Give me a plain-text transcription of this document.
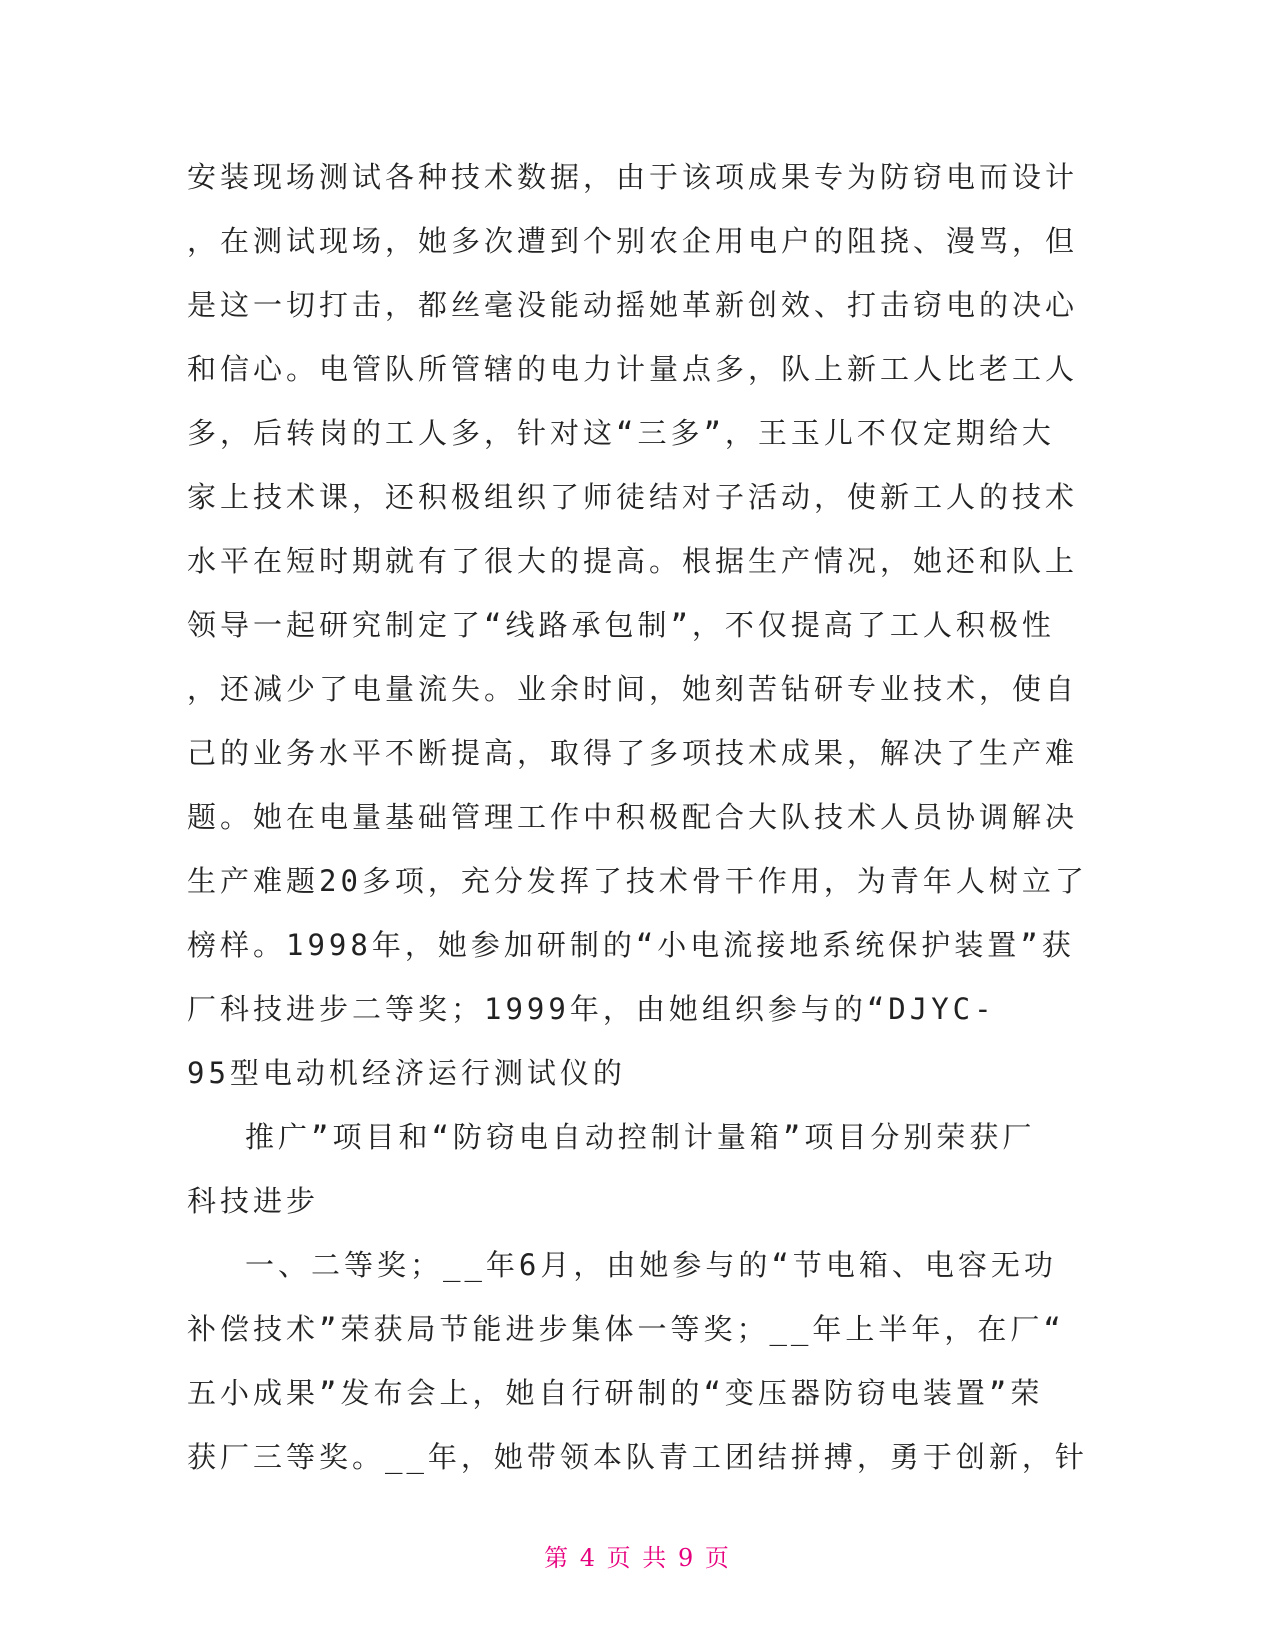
安装现场测试各种技术数据，由于该项成果专为防窃电而设计
，在测试现场，她多次遭到个别农企用电户的阻挠、漫骂，但
是这一切打击，都丝毫没能动摇她革新创效、打击窃电的决心
和信心。电管队所管辖的电力计量点多，队上新工人比老工人
多，后转岗的工人多，针对这“三多”，王玉儿不仅定期给大
家上技术课，还积极组织了师徒结对子活动，使新工人的技术
水平在短时期就有了很大的提高。根据生产情况，她还和队上
领导一起研究制定了“线路承包制”，不仅提高了工人积极性
，还减少了电量流失。业余时间，她刻苦钻研专业技术，使自
己的业务水平不断提高，取得了多项技术成果，解决了生产难
题。她在电量基础管理工作中积极配合大队技术人员协调解决
生产难题20多项，充分发挥了技术骨干作用，为青年人树立了
榜样。1998年，她参加研制的“小电流接地系统保护装置”获
厂科技进步二等奖；1999年，由她组织参与的“DJYC-
95型电动机经济运行测试仪的
推广”项目和“防窃电自动控制计量箱”项目分别荣获厂
科技进步
一、二等奖；__年6月，由她参与的“节电箱、电容无功
补偿技术”荣获局节能进步集体一等奖；__年上半年，在厂“
五小成果”发布会上，她自行研制的“变压器防窃电装置”荣
获厂三等奖。__年，她带领本队青工团结拼搏，勇于创新，针
第 4 页 共 9 页
